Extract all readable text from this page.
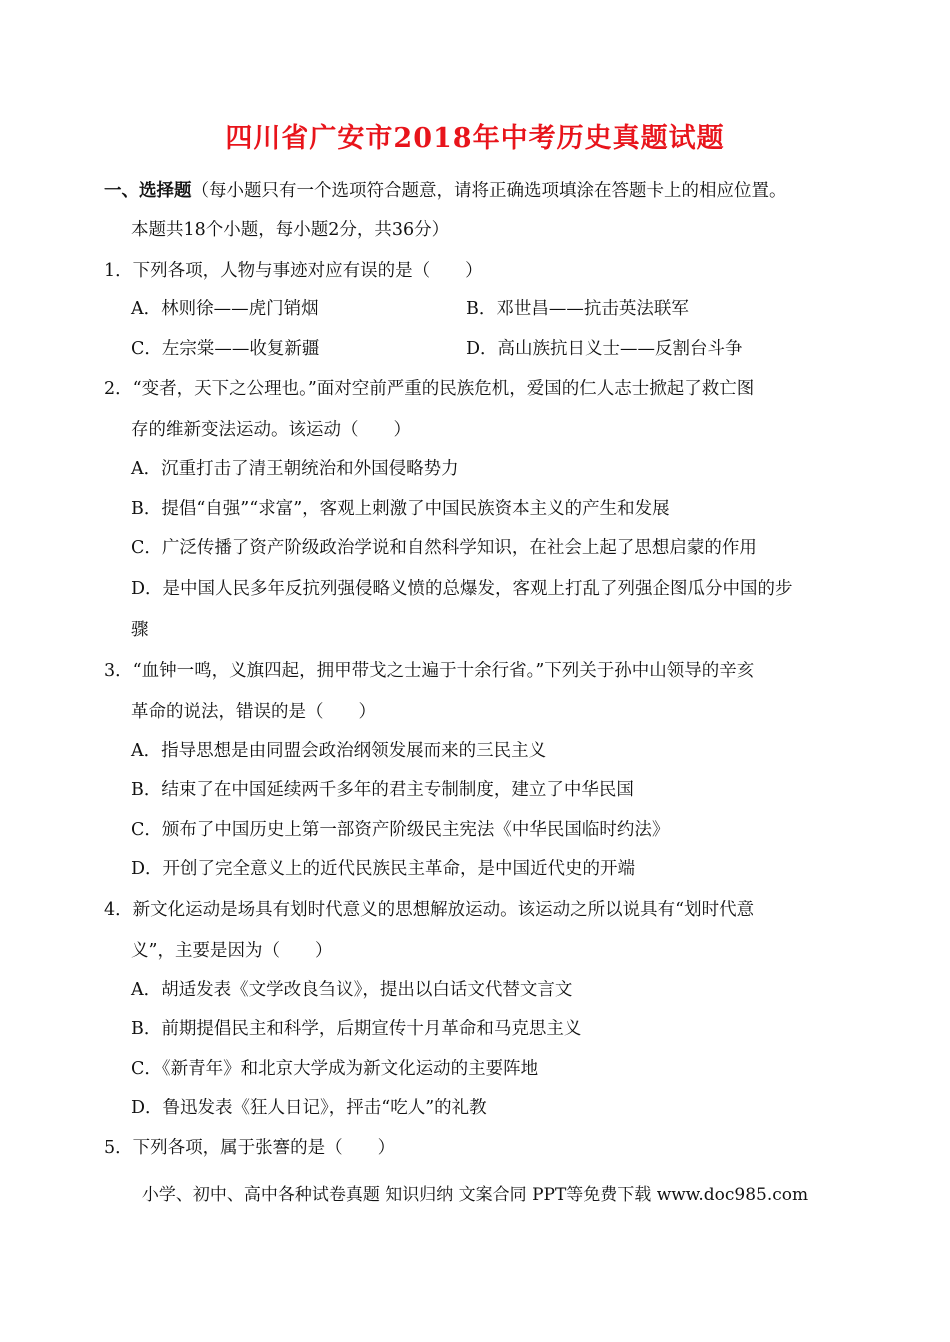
四川省广安市2018年中考历史真题试题
一、选择题（每小题只有一个选项符合题意，请将正确选项填涂在答题卡上的相应位置。
本题共18个小题，每小题2分，共36分）
1．下列各项，人物与事迹对应有误的是（　　）
A．林则徐——虎门销烟	B．邓世昌——抗击英法联军
C．左宗棠——收复新疆	D．高山族抗日义士——反割台斗争
2．“变者，天下之公理也。”面对空前严重的民族危机，爱国的仁人志士掀起了救亡图
存的维新变法运动。该运动（　　）
A．沉重打击了清王朝统治和外国侵略势力
B．提倡“自强”“求富”，客观上刺激了中国民族资本主义的产生和发展
C．广泛传播了资产阶级政治学说和自然科学知识，在社会上起了思想启蒙的作用
D．是中国人民多年反抗列强侵略义愤的总爆发，客观上打乱了列强企图瓜分中国的步
骤
3．“血钟一鸣，义旗四起，拥甲带戈之士遍于十余行省。”下列关于孙中山领导的辛亥
革命的说法，错误的是（　　）
A．指导思想是由同盟会政治纲领发展而来的三民主义
B．结束了在中国延续两千多年的君主专制制度，建立了中华民国
C．颁布了中国历史上第一部资产阶级民主宪法《中华民国临时约法》
D．开创了完全意义上的近代民族民主革命，是中国近代史的开端
4．新文化运动是场具有划时代意义的思想解放运动。该运动之所以说具有“划时代意
义”，主要是因为（　　）
A．胡适发表《文学改良刍议》，提出以白话文代替文言文
B．前期提倡民主和科学，后期宣传十月革命和马克思主义
C．《新青年》和北京大学成为新文化运动的主要阵地
D．鲁迅发表《狂人日记》，抨击“吃人”的礼教
5．下列各项，属于张謇的是（　　）
小学、初中、高中各种试卷真题 知识归纳 文案合同 PPT等免费下载 www.doc985.com
